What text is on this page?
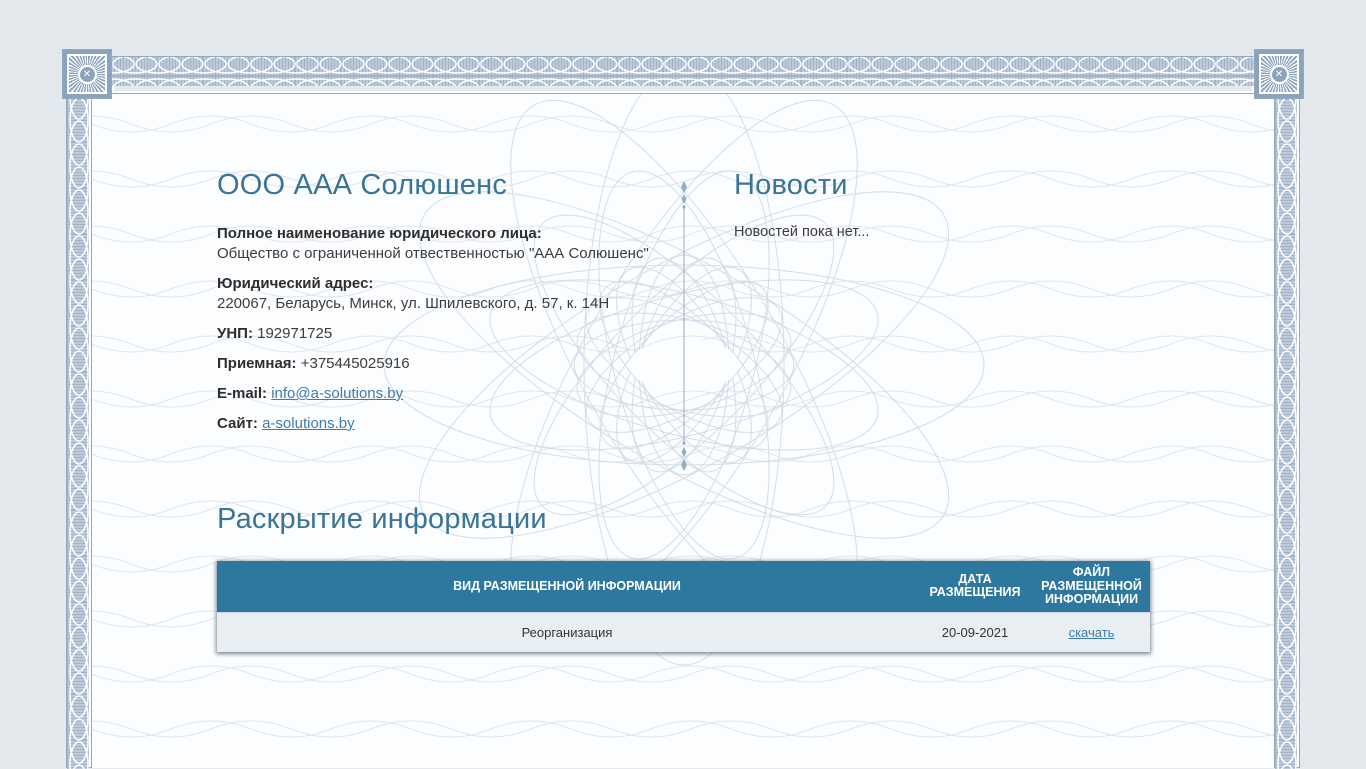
✕	✕
ООО ААА Солюшенс

Полное наименование юридического лица:
Общество с ограниченной отвественностью "ААА Солюшенс"

Юридический адрес:
220067, Беларусь, Минск, ул. Шпилевского, д. 57, к. 14Н

УНП: 192971725

Приемная: +375445025916

E-mail: info@a-solutions.by

Сайт: a-solutions.by

Новости

Новостей пока нет...

Раскрытие информации
ВИД РАЗМЕЩЕННОЙ ИНФОРМАЦИИ	ДАТА РАЗМЕЩЕНИЯ	ФАЙЛ РАЗМЕЩЕННОЙ ИНФОРМАЦИИ
Реорганизация	20-09-2021	скачать
